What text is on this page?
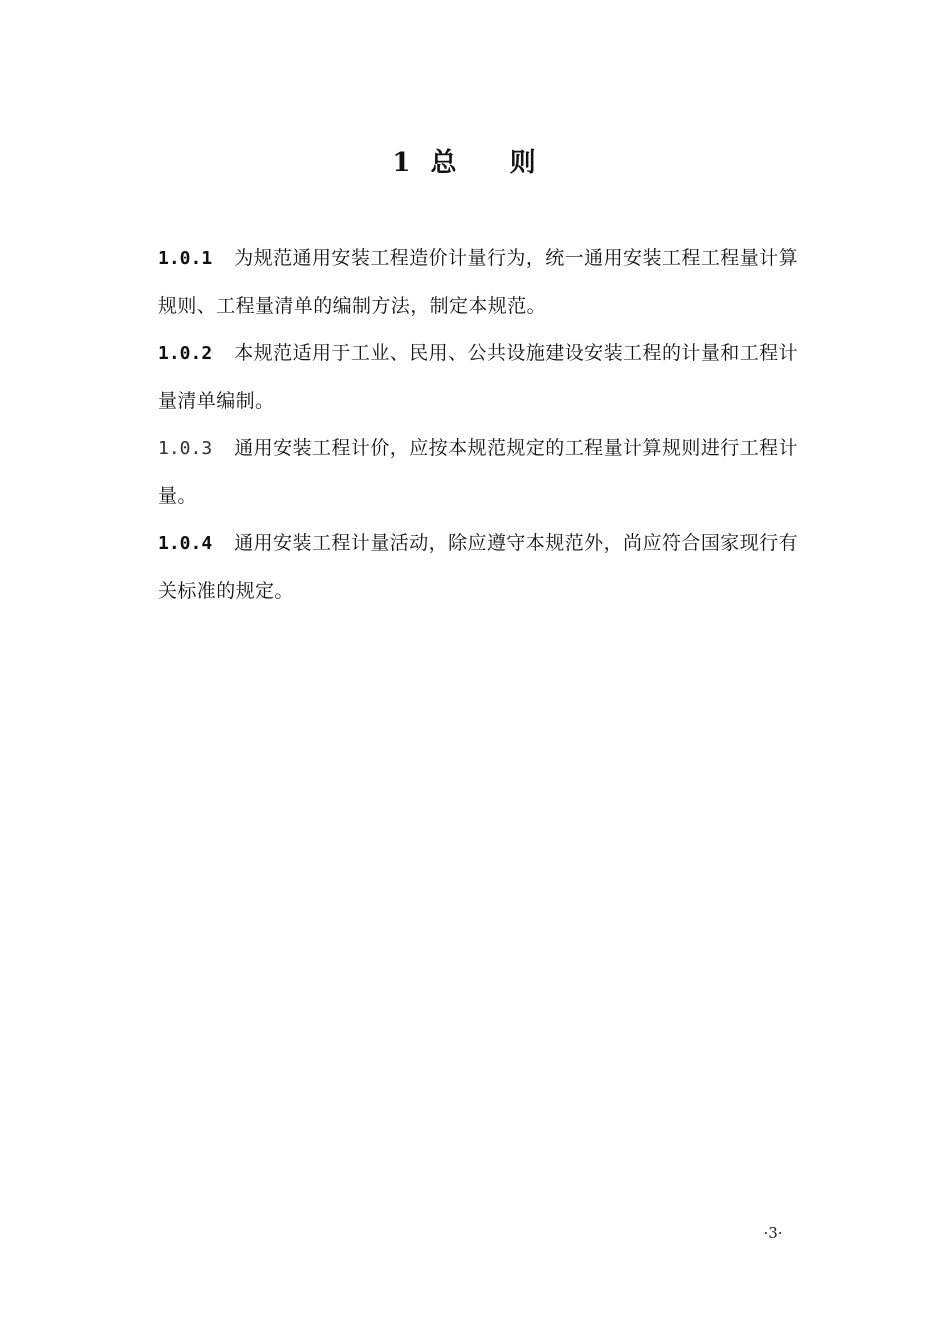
1 总 则

1.0.1 为规范通用安装工程造价计量行为，统一通用安装工程工程量计算规则、工程量清单的编制方法，制定本规范。

1.0.2 本规范适用于工业、民用、公共设施建设安装工程的计量和工程计量清单编制。

1.0.3 通用安装工程计价，应按本规范规定的工程量计算规则进行工程计量。

1.0.4 通用安装工程计量活动，除应遵守本规范外，尚应符合国家现行有关标准的规定。

·3·
